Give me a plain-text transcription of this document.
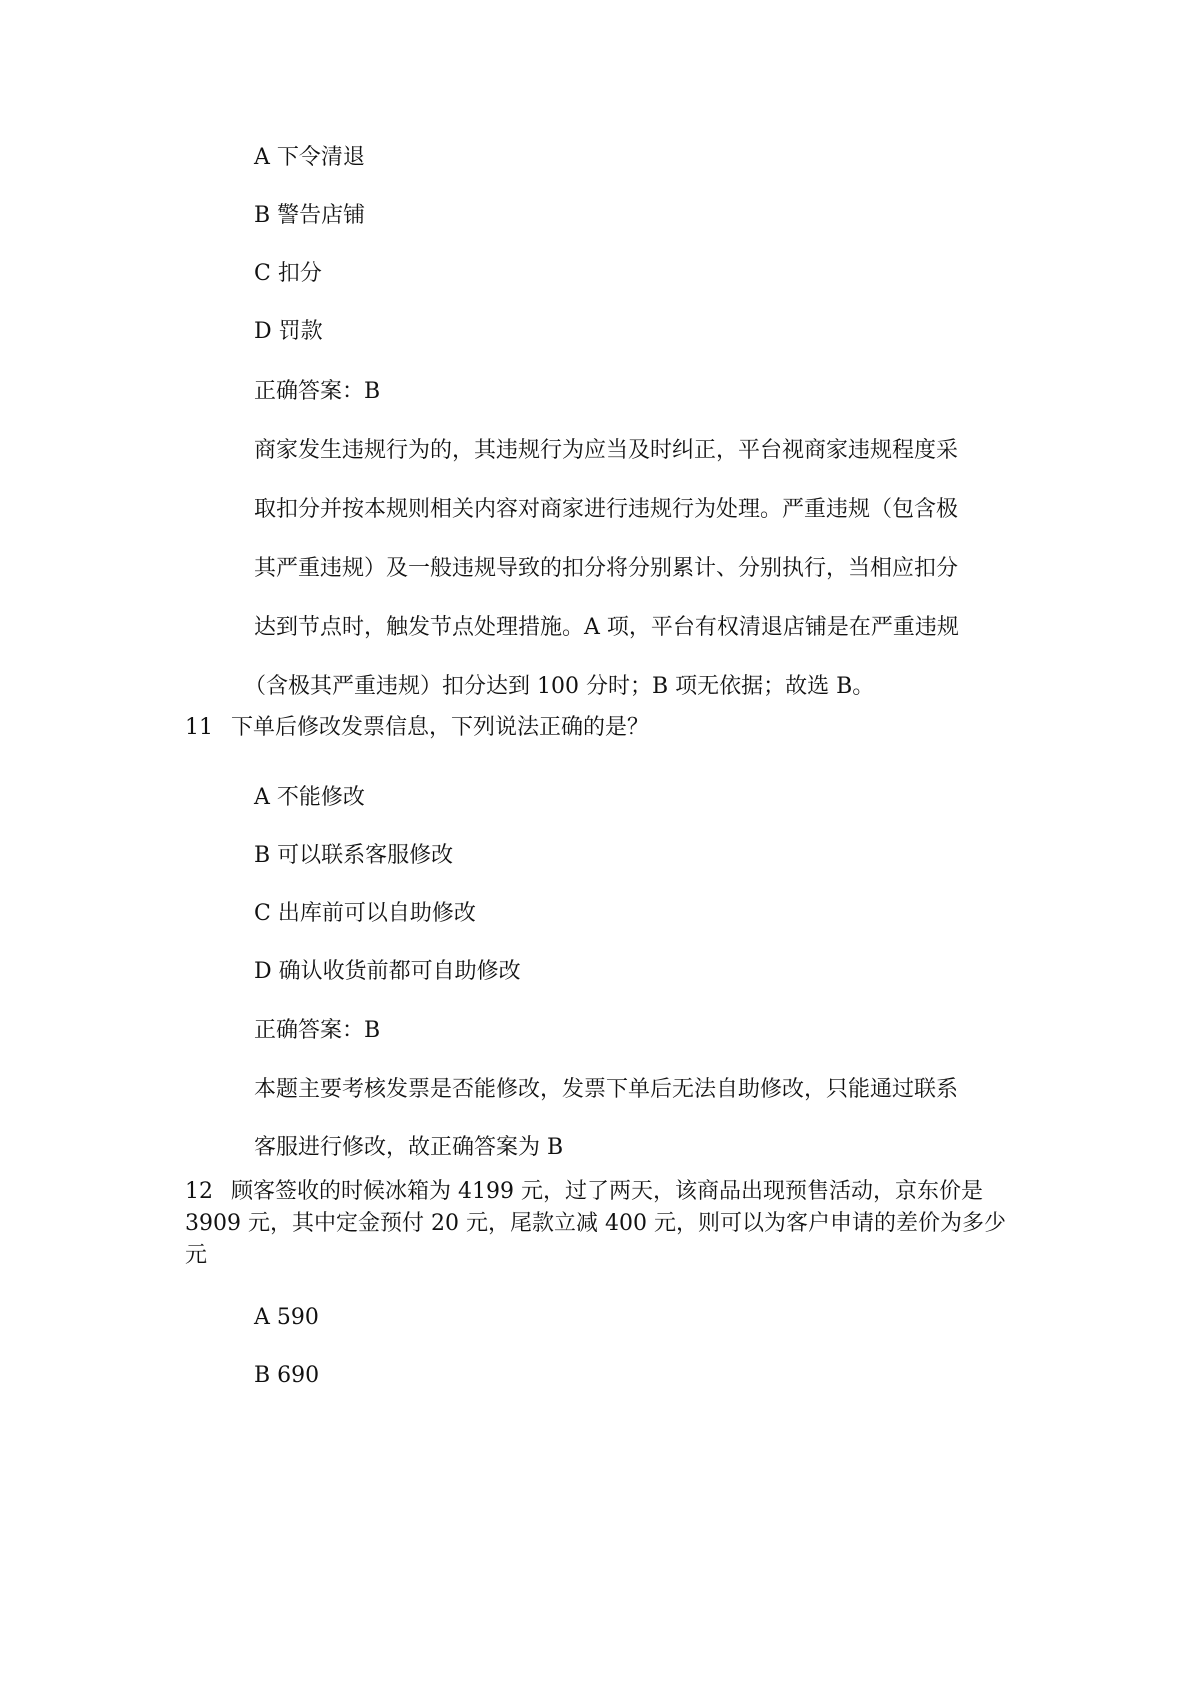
A 下令清退
B 警告店铺
C 扣分
D 罚款
正确答案：B
商家发生违规行为的，其违规行为应当及时纠正，平台视商家违规程度采
取扣分并按本规则相关内容对商家进行违规行为处理。严重违规（包含极
其严重违规）及一般违规导致的扣分将分别累计、分别执行，当相应扣分
达到节点时，触发节点处理措施。A 项，平台有权清退店铺是在严重违规
（含极其严重违规）扣分达到 100 分时；B 项无依据；故选 B。
11 下单后修改发票信息，下列说法正确的是？
A 不能修改
B 可以联系客服修改
C 出库前可以自助修改
D 确认收货前都可自助修改
正确答案：B
本题主要考核发票是否能修改，发票下单后无法自助修改，只能通过联系
客服进行修改，故正确答案为 B
12 顾客签收的时候冰箱为 4199 元，过了两天，该商品出现预售活动，京东价是 3909 元，其中定金预付 20 元，尾款立减 400 元，则可以为客户申请的差价为多少元
A 590
B 690
